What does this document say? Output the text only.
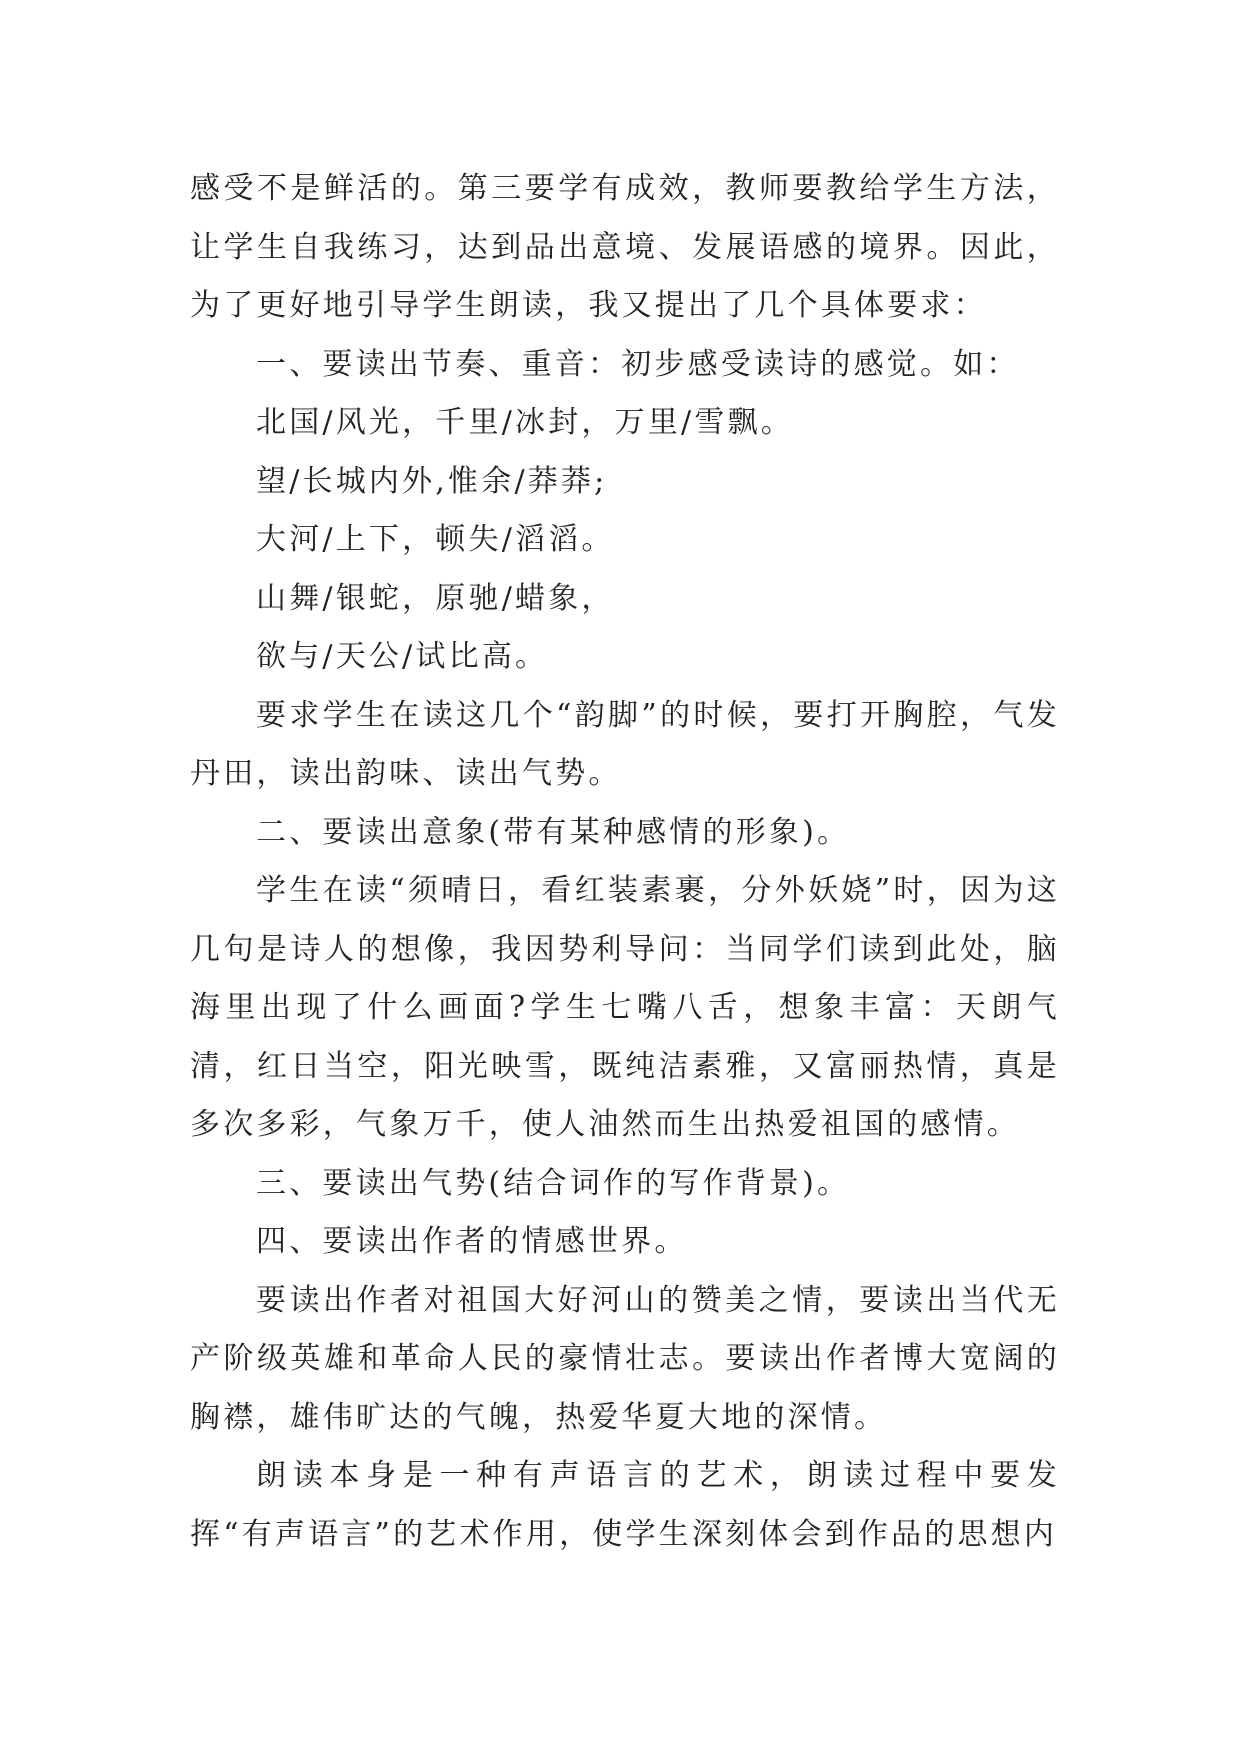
感受不是鲜活的。第三要学有成效，教师要教给学生方法，让学生自我练习，达到品出意境、发展语感的境界。因此，为了更好地引导学生朗读，我又提出了几个具体要求：

一、要读出节奏、重音：初步感受读诗的感觉。如：

北国/风光，千里/冰封，万里/雪飘。

望/长城内外,惟余/莽莽;

大河/上下，顿失/滔滔。

山舞/银蛇，原驰/蜡象，

欲与/天公/试比高。

要求学生在读这几个“韵脚”的时候，要打开胸腔，气发丹田，读出韵味、读出气势。

二、要读出意象(带有某种感情的形象)。

学生在读“须晴日，看红装素裹，分外妖娆”时，因为这几句是诗人的想像，我因势利导问：当同学们读到此处，脑海里出现了什么画面?学生七嘴八舌，想象丰富：天朗气清，红日当空，阳光映雪，既纯洁素雅，又富丽热情，真是多次多彩，气象万千，使人油然而生出热爱祖国的感情。

三、要读出气势(结合词作的写作背景)。

四、要读出作者的情感世界。

要读出作者对祖国大好河山的赞美之情，要读出当代无产阶级英雄和革命人民的豪情壮志。要读出作者博大宽阔的胸襟，雄伟旷达的气魄，热爱华夏大地的深情。

朗读本身是一种有声语言的艺术，朗读过程中要发挥“有声语言”的艺术作用，使学生深刻体会到作品的思想内
